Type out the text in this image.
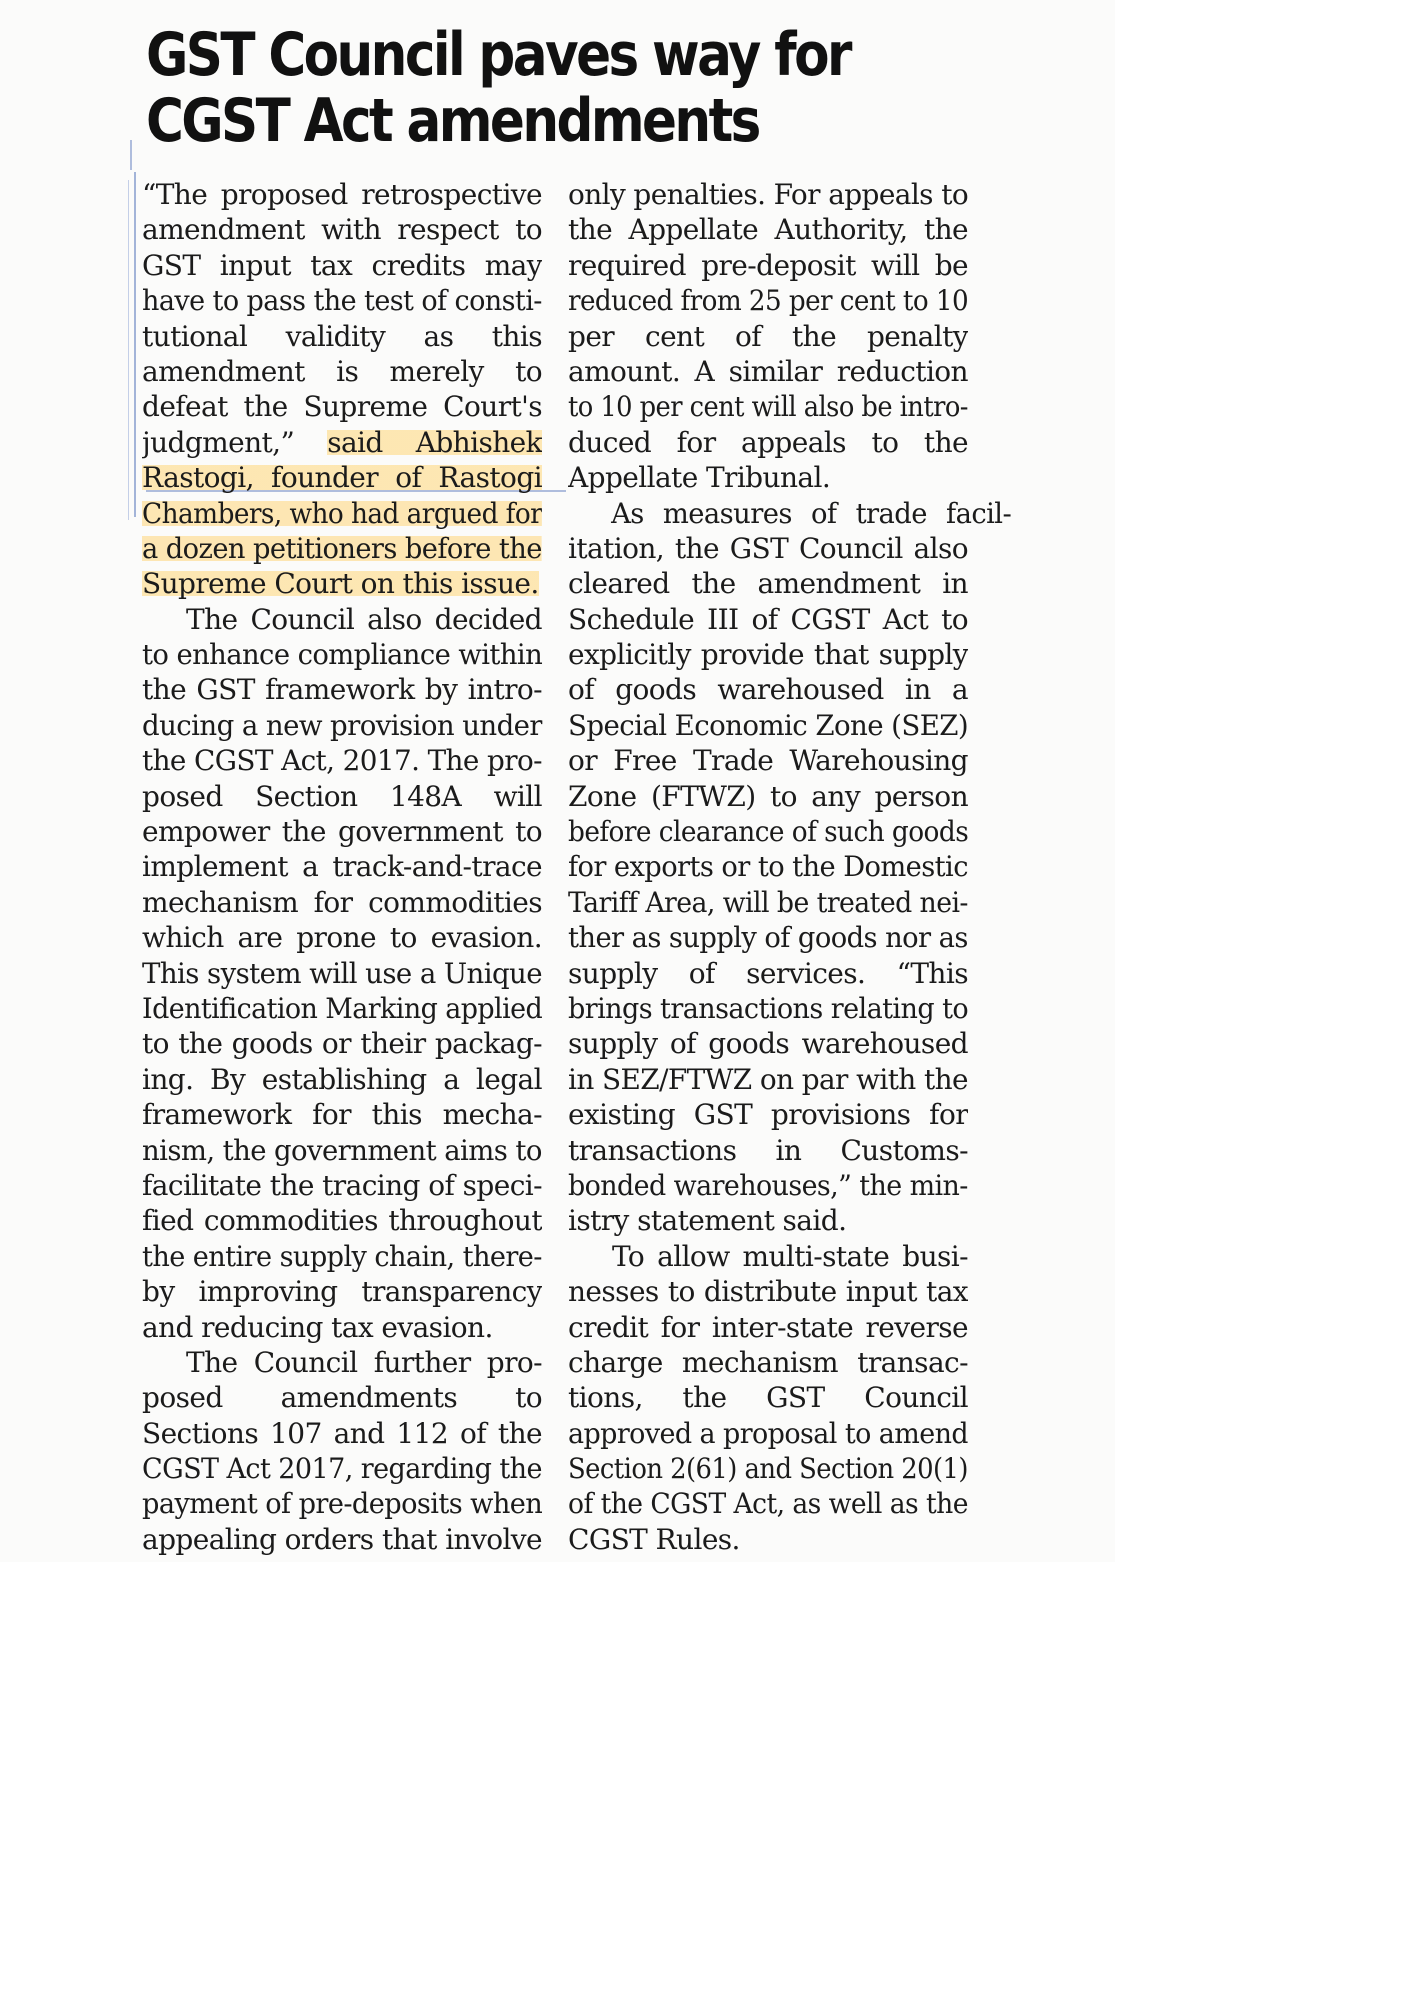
GST Council paves way for
CGST Act amendments
“The proposed retrospective
amendment with respect to
GST input tax credits may
have to pass the test of consti-
tutional validity as this
amendment is merely to
defeat the Supreme Court's
judgment,” said Abhishek
Rastogi, founder of Rastogi
Chambers, who had argued for
a dozen petitioners before the
Supreme Court on this issue.
The Council also decided
to enhance compliance within
the GST framework by intro-
ducing a new provision under
the CGST Act, 2017. The pro-
posed Section 148A will
empower the government to
implement a track-and-trace
mechanism for commodities
which are prone to evasion.
This system will use a Unique
Identification Marking applied
to the goods or their packag-
ing. By establishing a legal
framework for this mecha-
nism, the government aims to
facilitate the tracing of speci-
fied commodities throughout
the entire supply chain, there-
by improving transparency
and reducing tax evasion.
The Council further pro-
posed amendments to
Sections 107 and 112 of the
CGST Act 2017, regarding the
payment of pre-deposits when
appealing orders that involve
only penalties. For appeals to
the Appellate Authority, the
required pre-deposit will be
reduced from 25 per cent to 10
per cent of the penalty
amount. A similar reduction
to 10 per cent will also be intro-
duced for appeals to the
Appellate Tribunal.
As measures of trade facil-
itation, the GST Council also
cleared the amendment in
Schedule III of CGST Act to
explicitly provide that supply
of goods warehoused in a
Special Economic Zone (SEZ)
or Free Trade Warehousing
Zone (FTWZ) to any person
before clearance of such goods
for exports or to the Domestic
Tariff Area, will be treated nei-
ther as supply of goods nor as
supply of services. “This
brings transactions relating to
supply of goods warehoused
in SEZ/FTWZ on par with the
existing GST provisions for
transactions in Customs-
bonded warehouses,” the min-
istry statement said.
To allow multi-state busi-
nesses to distribute input tax
credit for inter-state reverse
charge mechanism transac-
tions, the GST Council
approved a proposal to amend
Section 2(61) and Section 20(1)
of the CGST Act, as well as the
CGST Rules.
